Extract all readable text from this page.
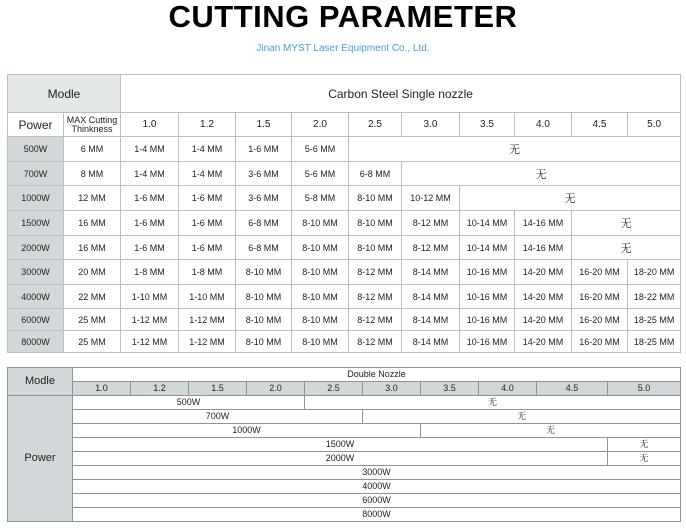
CUTTING PARAMETER
Jinan MYST Laser Equipment Co., Ltd.
Modle		Carbon Steel Single nozzle									
Power	MAX Cutting Thinkness	1.0	1.2	1.5	2.0	2.5	3.0	3.5	4.0	4.5	5.0
500W	6 MM	1-4 MM	1-4 MM	1-6 MM	5-6 MM	无					
700W	8 MM	1-4 MM	1-4 MM	3-6 MM	5-6 MM	6-8 MM	无				
1000W	12 MM	1-6 MM	1-6 MM	3-6 MM	5-8 MM	8-10 MM	10-12 MM	无			
1500W	16 MM	1-6 MM	1-6 MM	6-8 MM	8-10 MM	8-10 MM	8-12 MM	10-14 MM	14-16 MM	无	
2000W	16 MM	1-6 MM	1-6 MM	6-8 MM	8-10 MM	8-10 MM	8-12 MM	10-14 MM	14-16 MM	无	
3000W	20 MM	1-8 MM	1-8 MM	8-10 MM	8-10 MM	8-12 MM	8-14 MM	10-16 MM	14-20 MM	16-20 MM	18-20 MM
4000W	22 MM	1-10 MM	1-10 MM	8-10 MM	8-10 MM	8-12 MM	8-14 MM	10-16 MM	14-20 MM	16-20 MM	18-22 MM
6000W	25 MM	1-12 MM	1-12 MM	8-10 MM	8-10 MM	8-12 MM	8-14 MM	10-16 MM	14-20 MM	16-20 MM	18-25 MM
8000W	25 MM	1-12 MM	1-12 MM	8-10 MM	8-10 MM	8-12 MM	8-14 MM	10-16 MM	14-20 MM	16-20 MM	18-25 MM
Modle	Double Nozzle									
	1.0	1.2	1.5	2.0	2.5	3.0	3.5	4.0	4.5	5.0
Power	500W				无					
	700W					无				
	1000W						无			
	1500W									无
	2000W									无
	3000W									
	4000W									
	6000W									
	8000W									
